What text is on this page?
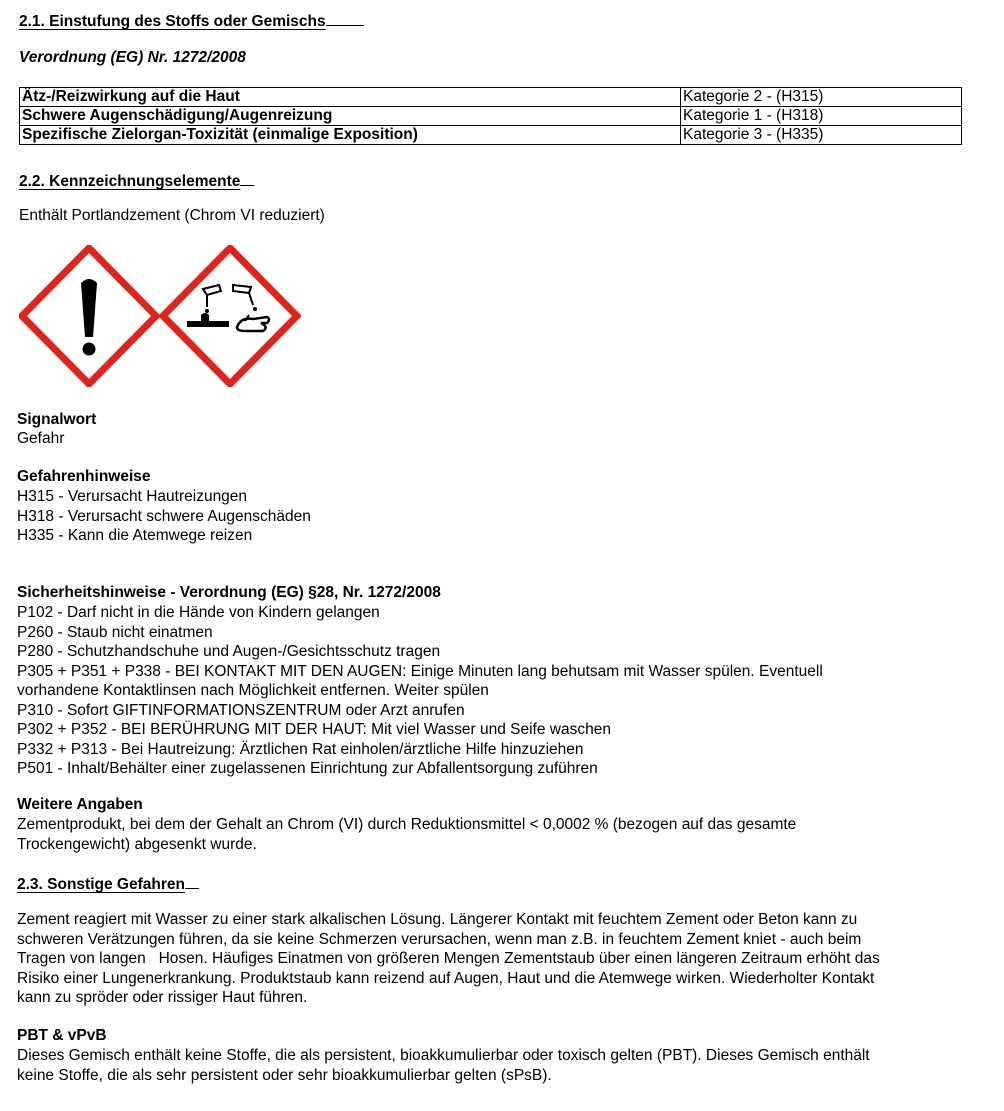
2.1. Einstufung des Stoffs oder Gemischs
Verordnung (EG) Nr. 1272/2008
Ätz-/Reizwirkung auf die Haut	Kategorie 2 - (H315)
Schwere Augenschädigung/Augenreizung	Kategorie 1 - (H318)
Spezifische Zielorgan-Toxizität (einmalige Exposition)	Kategorie 3 - (H335)
2.2. Kennzeichnungselemente
Enthält Portlandzement (Chrom VI reduziert)
Signalwort
Gefahr
Gefahrenhinweise
H315 - Verursacht Hautreizungen
H318 - Verursacht schwere Augenschäden
H335 - Kann die Atemwege reizen
Sicherheitshinweise - Verordnung (EG) §28, Nr. 1272/2008
P102 - Darf nicht in die Hände von Kindern gelangen
P260 - Staub nicht einatmen
P280 - Schutzhandschuhe und Augen-/Gesichtsschutz tragen
P305 + P351 + P338 - BEI KONTAKT MIT DEN AUGEN: Einige Minuten lang behutsam mit Wasser spülen. Eventuell
vorhandene Kontaktlinsen nach Möglichkeit entfernen. Weiter spülen
P310 - Sofort GIFTINFORMATIONSZENTRUM oder Arzt anrufen
P302 + P352 - BEI BERÜHRUNG MIT DER HAUT: Mit viel Wasser und Seife waschen
P332 + P313 - Bei Hautreizung: Ärztlichen Rat einholen/ärztliche Hilfe hinzuziehen
P501 - Inhalt/Behälter einer zugelassenen Einrichtung zur Abfallentsorgung zuführen
Weitere Angaben
Zementprodukt, bei dem der Gehalt an Chrom (VI) durch Reduktionsmittel < 0,0002 % (bezogen auf das gesamte
Trockengewicht) abgesenkt wurde.
2.3. Sonstige Gefahren
Zement reagiert mit Wasser zu einer stark alkalischen Lösung. Längerer Kontakt mit feuchtem Zement oder Beton kann zu
schweren Verätzungen führen, da sie keine Schmerzen verursachen, wenn man z.B. in feuchtem Zement kniet - auch beim
Tragen von langen   Hosen. Häufiges Einatmen von größeren Mengen Zementstaub über einen längeren Zeitraum erhöht das
Risiko einer Lungenerkrankung. Produktstaub kann reizend auf Augen, Haut und die Atemwege wirken. Wiederholter Kontakt
kann zu spröder oder rissiger Haut führen.
PBT & vPvB
Dieses Gemisch enthält keine Stoffe, die als persistent, bioakkumulierbar oder toxisch gelten (PBT). Dieses Gemisch enthält
keine Stoffe, die als sehr persistent oder sehr bioakkumulierbar gelten (sPsB).
